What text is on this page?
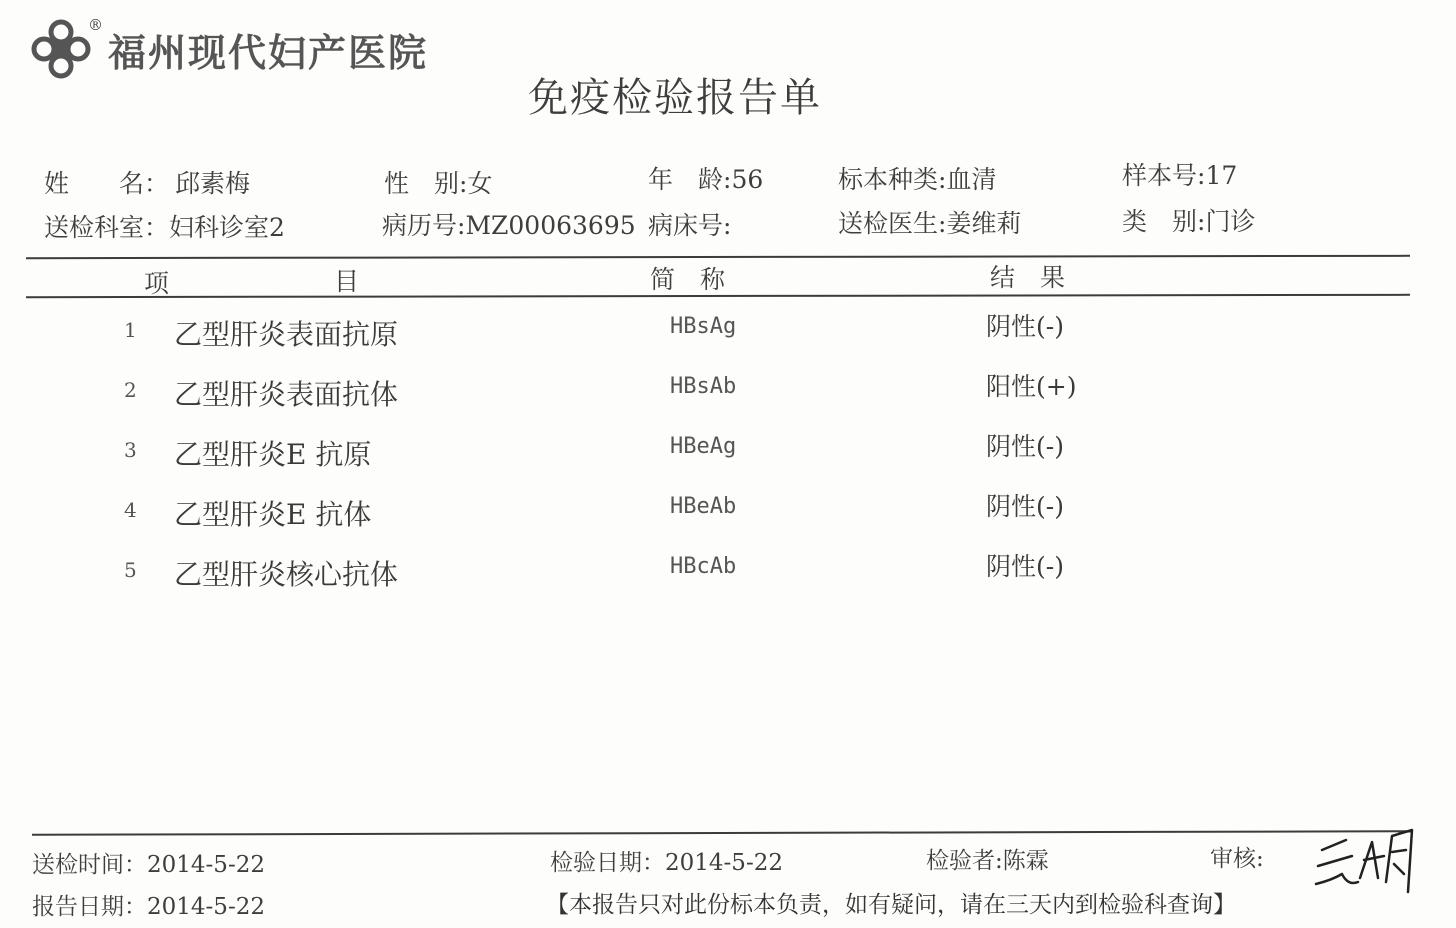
®
福州现代妇产医院
免疫检验报告单
姓　　名： 邱素梅	性　别:女	年　龄:56	标本种类:血清	样本号:17
送检科室：妇科诊室2	病历号:MZ00063695 病床号:	送检医生:姜维莉	类　别:门诊
项	目	简　称	结　果
1 乙型肝炎表面抗原	HBsAg	阴性(-)
2 乙型肝炎表面抗体	HBsAb	阳性(+)
3 乙型肝炎E 抗原	HBeAg	阴性(-)
4 乙型肝炎E 抗体	HBeAb	阴性(-)
5 乙型肝炎核心抗体	HBcAb	阴性(-)
送检时间：2014-5-22	检验日期：2014-5-22	检验者:陈霖	审核:
报告日期：2014-5-22	【本报告只对此份标本负责，如有疑问，请在三天内到检验科查询】
